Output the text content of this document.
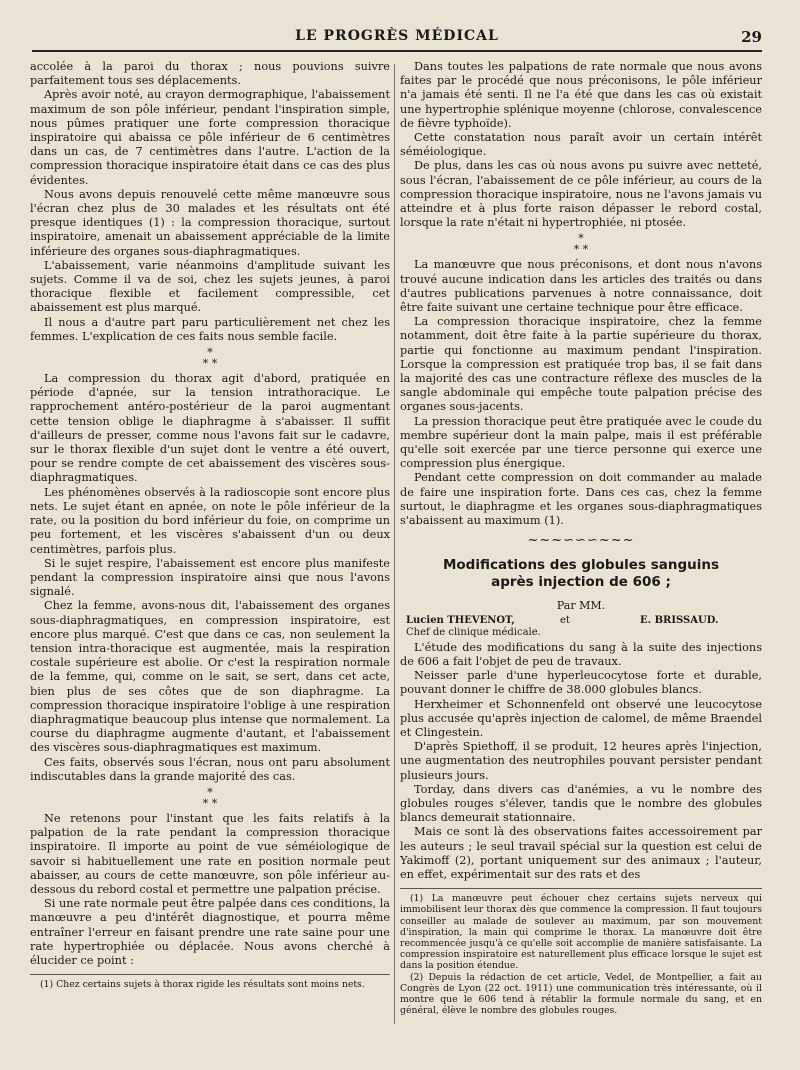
LE PROGRÈS MÉDICAL	29

accolée à la paroi du thorax ; nous pouvions suivre parfaitement tous ses déplacements.

Après avoir noté, au crayon dermographique, l'abaissement maximum de son pôle inférieur, pendant l'inspiration simple, nous pûmes pratiquer une forte compression thoracique inspiratoire qui abaissa ce pôle inférieur de 6 centimètres dans un cas, de 7 centimètres dans l'autre. L'action de la compression thoracique inspiratoire était dans ce cas des plus évidentes.

Nous avons depuis renouvelé cette même manœuvre sous l'écran chez plus de 30 malades et les résultats ont été presque identiques (1) : la compression thoracique, surtout inspiratoire, amenait un abaissement appréciable de la limite inférieure des organes sous-diaphragmatiques.

L'abaissement, varie néanmoins d'amplitude suivant les sujets. Comme il va de soi, chez les sujets jeunes, à paroi thoracique flexible et facilement compressible, cet abaissement est plus marqué.

Il nous a d'autre part paru particulièrement net chez les femmes. L'explication de ces faits nous semble facile.

*
* *

La compression du thorax agit d'abord, pratiquée en période d'apnée, sur la tension intrathoracique. Le rapprochement antéro-postérieur de la paroi augmentant cette tension oblige le diaphragme à s'abaisser. Il suffit d'ailleurs de presser, comme nous l'avons fait sur le cadavre, sur le thorax flexible d'un sujet dont le ventre a été ouvert, pour se rendre compte de cet abaissement des viscères sous-diaphragmatiques.

Les phénomènes observés à la radioscopie sont encore plus nets. Le sujet étant en apnée, on note le pôle inférieur de la rate, ou la position du bord inférieur du foie, on comprime un peu fortement, et les viscères s'abaissent d'un ou deux centimètres, parfois plus.

Si le sujet respire, l'abaissement est encore plus manifeste pendant la compression inspiratoire ainsi que nous l'avons signalé.

Chez la femme, avons-nous dit, l'abaissement des organes sous-diaphragmatiques, en compression inspiratoire, est encore plus marqué. C'est que dans ce cas, non seulement la tension intra-thoracique est augmentée, mais la respiration costale supérieure est abolie. Or c'est la respiration normale de la femme, qui, comme on le sait, se sert, dans cet acte, bien plus de ses côtes que de son diaphragme. La compression thoracique inspiratoire l'oblige à une respiration diaphragmatique beaucoup plus intense que normalement. La course du diaphragme augmente d'autant, et l'abaissement des viscères sous-diaphragmatiques est maximum.

Ces faits, observés sous l'écran, nous ont paru absolument indiscutables dans la grande majorité des cas.

*
* *

Ne retenons pour l'instant que les faits relatifs à la palpation de la rate pendant la compression thoracique inspiratoire. Il importe au point de vue séméiologique de savoir si habituellement une rate en position normale peut abaisser, au cours de cette manœuvre, son pôle inférieur au-dessous du rebord costal et permettre une palpation précise.

Si une rate normale peut être palpée dans ces conditions, la manœuvre a peu d'intérêt diagnostique, et pourra même entraîner l'erreur en faisant prendre une rate saine pour une rate hypertrophiée ou déplacée. Nous avons cherché à élucider ce point :

(1) Chez certains sujets à thorax rigide les résultats sont moins nets.

Dans toutes les palpations de rate normale que nous avons faites par le procédé que nous préconisons, le pôle inférieur n'a jamais été senti. Il ne l'a été que dans les cas où existait une hypertrophie splénique moyenne (chlorose, convalescence de fièvre typhoïde).

Cette constatation nous paraît avoir un certain intérêt séméiologique.

De plus, dans les cas où nous avons pu suivre avec netteté, sous l'écran, l'abaissement de ce pôle inférieur, au cours de la compression thoracique inspiratoire, nous ne l'avons jamais vu atteindre et à plus forte raison dépasser le rebord costal, lorsque la rate n'était ni hypertrophiée, ni ptosée.

*
* *

La manœuvre que nous préconisons, et dont nous n'avons trouvé aucune indication dans les articles des traités ou dans d'autres publications parvenues à notre connaissance, doit être faite suivant une certaine technique pour être efficace.

La compression thoracique inspiratoire, chez la femme notamment, doit être faite à la partie supérieure du thorax, partie qui fonctionne au maximum pendant l'inspiration. Lorsque la compression est pratiquée trop bas, il se fait dans la majorité des cas une contracture réflexe des muscles de la sangle abdominale qui empêche toute palpation précise des organes sous-jacents.

La pression thoracique peut être pratiquée avec le coude du membre supérieur dont la main palpe, mais il est préférable qu'elle soit exercée par une tierce personne qui exerce une compression plus énergique.

Pendant cette compression on doit commander au malade de faire une inspiration forte. Dans ces cas, chez la femme surtout, le diaphragme et les organes sous-diaphragmatiques s'abaissent au maximum (1).

~~~∽∽∽~~~
Modifications des globules sanguins
après injection de 606 ;
Par MM.
Lucien THEVENOT,
Chef de clinique médicale.
et	E. BRISSAUD.

L'étude des modifications du sang à la suite des injections de 606 a fait l'objet de peu de travaux.

Neisser parle d'une hyperleucocytose forte et durable, pouvant donner le chiffre de 38.000 globules blancs.

Herxheimer et Schonnenfeld ont observé une leucocytose plus accusée qu'après injection de calomel, de même Braendel et Clingestein.

D'après Spiethoff, il se produit, 12 heures après l'injection, une augmentation des neutrophiles pouvant persister pendant plusieurs jours.

Torday, dans divers cas d'anémies, a vu le nombre des globules rouges s'élever, tandis que le nombre des globules blancs demeurait stationnaire.

Mais ce sont là des observations faites accessoirement par les auteurs ; le seul travail spécial sur la question est celui de Yakimoff (2), portant uniquement sur des animaux ; l'auteur, en effet, expérimentait sur des rats et des

(1) La manœuvre peut échouer chez certains sujets nerveux qui immobilisent leur thorax dès que commence la compression. Il faut toujours conseiller au malade de soulever au maximum, par son mouvement d'inspiration, la main qui comprime le thorax. La manœuvre doit être recommencée jusqu'à ce qu'elle soit accomplie de manière satisfaisante. La compression inspiratoire est naturellement plus efficace lorsque le sujet est dans la position étendue.

(2) Depuis la rédaction de cet article, Vedel, de Montpellier, a fait au Congrès de Lyon (22 oct. 1911) une communication très intéressante, où il montre que le 606 tend à rétablir la formule normale du sang, et en général, élève le nombre des globules rouges.
